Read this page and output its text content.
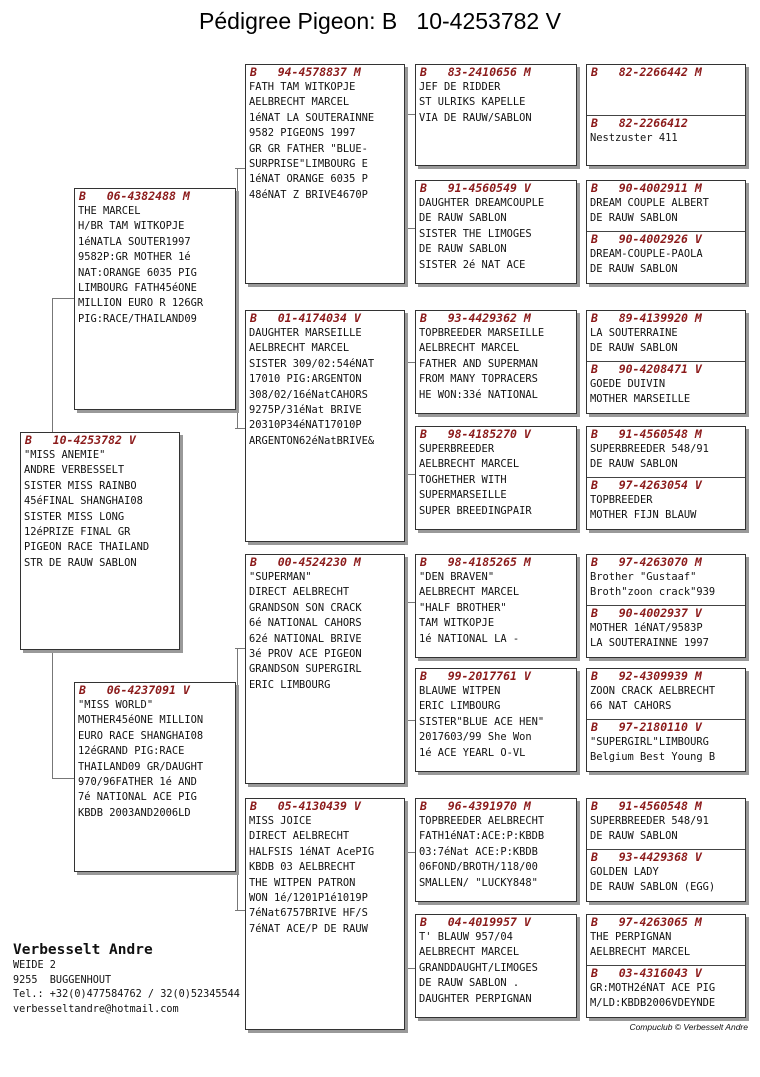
Pédigree Pigeon: B   10-4253782 V
B   10-4253782 V
"MISS ANEMIE"
ANDRE VERBESSELT
SISTER MISS RAINBO
45éFINAL SHANGHAI08
SISTER MISS LONG
12éPRIZE FINAL GR
PIGEON RACE THAILAND
STR DE RAUW SABLON
B   06-4382488 M
THE MARCEL
H/BR TAM WITKOPJE
1éNATLA SOUTER1997
9582P:GR MOTHER 1é
NAT:ORANGE 6035 PIG
LIMBOURG FATH45éONE
MILLION EURO R 126GR
PIG:RACE/THAILAND09
B   06-4237091 V
"MISS WORLD"
MOTHER45éONE MILLION
EURO RACE SHANGHAI08
12éGRAND PIG:RACE
THAILAND09 GR/DAUGHT
970/96FATHER 1é AND
7é NATIONAL ACE PIG
KBDB 2003AND2006LD
B   94-4578837 M
FATH TAM WITKOPJE
AELBRECHT MARCEL
1éNAT LA SOUTERAINNE
9582 PIGEONS 1997
GR GR FATHER "BLUE-
SURPRISE"LIMBOURG E
1éNAT ORANGE 6035 P
48éNAT Z BRIVE4670P
B   01-4174034 V
DAUGHTER MARSEILLE
AELBRECHT MARCEL
SISTER 309/02:54éNAT
17010 PIG:ARGENTON
308/02/16éNatCAHORS
9275P/31éNat BRIVE
20310P34éNAT17010P
ARGENTON62éNatBRIVE&
B   00-4524230 M
"SUPERMAN"
DIRECT AELBRECHT
GRANDSON SON CRACK
6é NATIONAL CAHORS
62é NATIONAL BRIVE
3é PROV ACE PIGEON
GRANDSON SUPERGIRL
ERIC LIMBOURG
B   05-4130439 V
MISS JOICE
DIRECT AELBRECHT
HALFSIS 1éNAT AcePIG
KBDB 03 AELBRECHT
THE WITPEN PATRON
WON 1é/1201P1é1019P
7éNat6757BRIVE HF/S
7éNAT ACE/P DE RAUW
B   83-2410656 M
JEF DE RIDDER
ST ULRIKS KAPELLE
VIA DE RAUW/SABLON
B   91-4560549 V
DAUGHTER DREAMCOUPLE
DE RAUW SABLON
SISTER THE LIMOGES
DE RAUW SABLON
SISTER 2é NAT ACE
B   93-4429362 M
TOPBREEDER MARSEILLE
AELBRECHT MARCEL
FATHER AND SUPERMAN
FROM MANY TOPRACERS
HE WON:33é NATIONAL
B   98-4185270 V
SUPERBREEDER
AELBRECHT MARCEL
TOGHETHER WITH
SUPERMARSEILLE
SUPER BREEDINGPAIR
B   98-4185265 M
"DEN BRAVEN"
AELBRECHT MARCEL
"HALF BROTHER"
TAM WITKOPJE
1é NATIONAL LA -
B   99-2017761 V
BLAUWE WITPEN
ERIC LIMBOURG
SISTER"BLUE ACE HEN"
2017603/99 She Won
1é ACE YEARL O-VL
B   96-4391970 M
TOPBREEDER AELBRECHT
FATH1éNAT:ACE:P:KBDB
03:7éNat ACE:P:KBDB
06FOND/BROTH/118/00
SMALLEN/ "LUCKY848"
B   04-4019957 V
T' BLAUW 957/04
AELBRECHT MARCEL
GRANDDAUGHT/LIMOGES
DE RAUW SABLON .
DAUGHTER PERPIGNAN
B   82-2266442 M
B   82-2266412
Nestzuster 411
B   90-4002911 M
DREAM COUPLE ALBERT
DE RAUW SABLON
B   90-4002926 V
DREAM-COUPLE-PAOLA
DE RAUW SABLON
B   89-4139920 M
LA SOUTERRAINE
DE RAUW SABLON
B   90-4208471 V
GOEDE DUIVIN
MOTHER MARSEILLE
B   91-4560548 M
SUPERBREEDER 548/91
DE RAUW SABLON
B   97-4263054 V
TOPBREEDER
MOTHER FIJN BLAUW
B   97-4263070 M
Brother "Gustaaf"
Broth"zoon crack"939
B   90-4002937 V
MOTHER 1éNAT/9583P
LA SOUTERAINNE 1997
B   92-4309939 M
ZOON CRACK AELBRECHT
66 NAT CAHORS
B   97-2180110 V
"SUPERGIRL"LIMBOURG
Belgium Best Young B
B   91-4560548 M
SUPERBREEDER 548/91
DE RAUW SABLON
B   93-4429368 V
GOLDEN LADY
DE RAUW SABLON (EGG)
B   97-4263065 M
THE PERPIGNAN
AELBRECHT MARCEL
B   03-4316043 V
GR:MOTH2éNAT ACE PIG
M/LD:KBDB2006VDEYNDE
Verbesselt Andre
WEIDE 2
9255  BUGGENHOUT
Tel.: +32(0)477584762 / 32(0)52345544
verbesseltandre@hotmail.com
Compuclub © Verbesselt Andre
